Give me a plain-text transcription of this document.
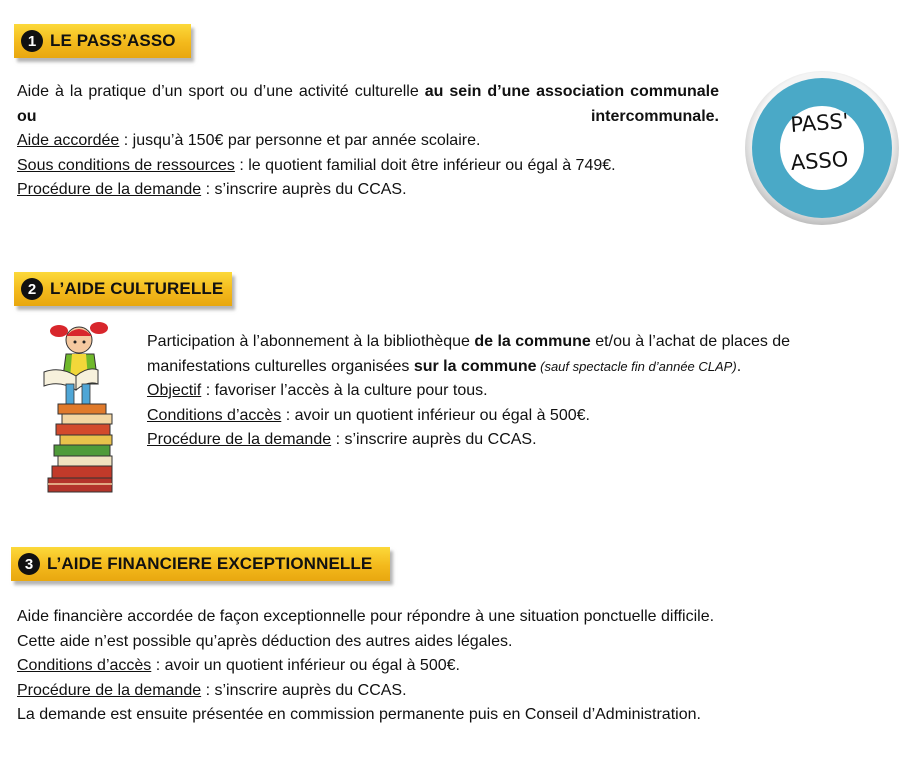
1 LE PASS’ASSO

Aide à la pratique d’un sport ou d’une activité culturelle au sein d’une association communale ou intercommunale.

Aide accordée : jusqu’à 150€ par personne et par année scolaire.

Sous conditions de ressources : le quotient familial doit être inférieur ou égal à 749€.

Procédure de la demande : s’inscrire auprès du CCAS.

PASS'
ASSO
2 L’AIDE CULTURELLE

Participation à l’abonnement à la bibliothèque de la commune et/ou à l’achat de places de

manifestations culturelles organisées sur la commune (sauf spectacle fin d’année CLAP).

Objectif : favoriser l’accès à la culture pour tous.

Conditions d’accès : avoir un quotient inférieur ou égal à 500€.

Procédure de la demande : s’inscrire auprès du CCAS.

3 L’AIDE FINANCIERE EXCEPTIONNELLE

Aide financière accordée de façon exceptionnelle pour répondre à une situation ponctuelle difficile.

Cette aide n’est possible qu’après déduction des autres aides légales.

Conditions d’accès : avoir un quotient inférieur ou égal à 500€.

Procédure de la demande : s’inscrire auprès du CCAS.

La demande est ensuite présentée en commission permanente puis en Conseil d’Administration.
